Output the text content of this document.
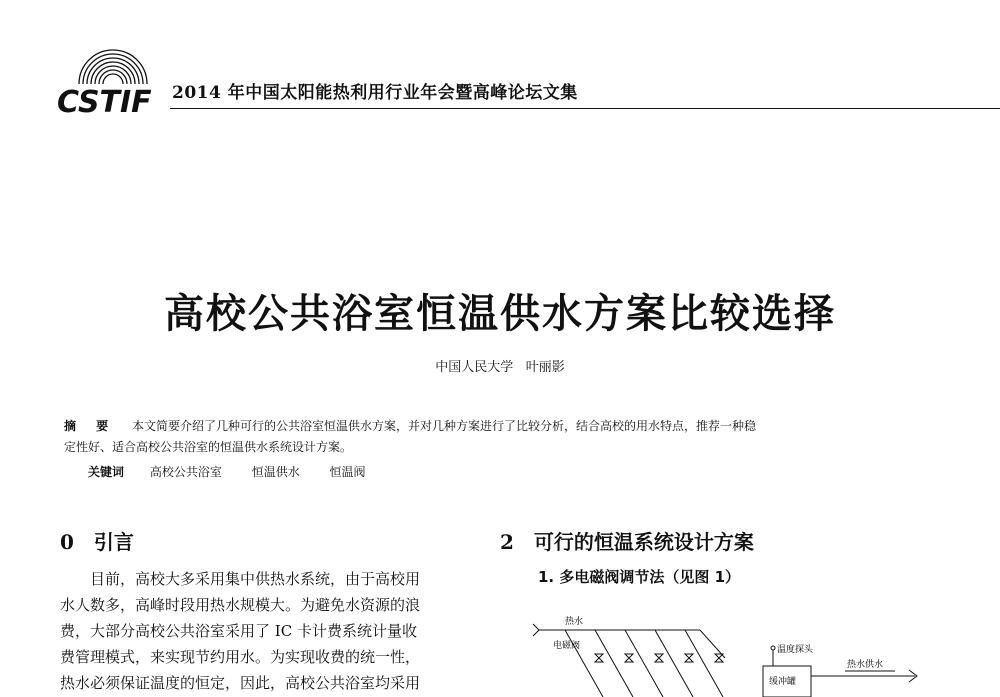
CSTIF 2014 年中国太阳能热利用行业年会暨高峰论坛文集
高校公共浴室恒温供水方案比较选择
中国人民大学 叶丽影
摘 要 本文简要介绍了几种可行的公共浴室恒温供水方案，并对几种方案进行了比较分析，结合高校的用水特点，推荐一种稳
定性好、适合高校公共浴室的恒温供水系统设计方案。
关键词 高校公共浴室 恒温供水 恒温阀
0　引言
目前，高校大多采用集中供热水系统，由于高校用
水人数多，高峰时段用热水规模大。为避免水资源的浪
费，大部分高校公共浴室采用了 IC 卡计费系统计量收
费管理模式，来实现节约用水。为实现收费的统一性，
热水必须保证温度的恒定，因此，高校公共浴室均采用
2　可行的恒温系统设计方案
1. 多电磁阀调节法（见图 1）
热水
电磁阀	温度探头
热水供水
缓冲罐
